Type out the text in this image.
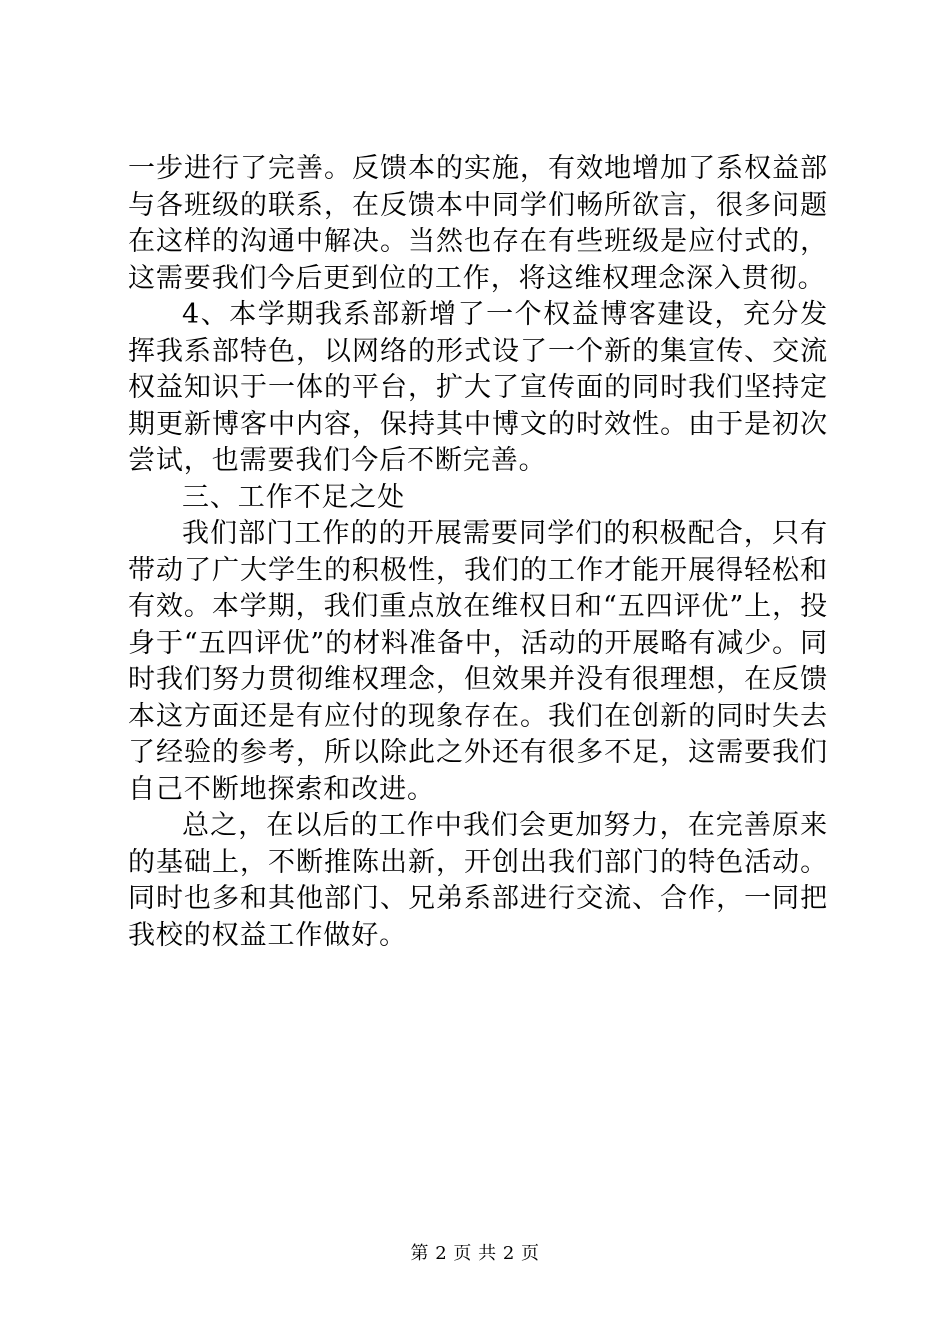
一步进行了完善。反馈本的实施，有效地增加了系权益部与各班级的联系，在反馈本中同学们畅所欲言，很多问题在这样的沟通中解决。当然也存在有些班级是应付式的，这需要我们今后更到位的工作，将这维权理念深入贯彻。

4、本学期我系部新增了一个权益博客建设，充分发挥我系部特色，以网络的形式设了一个新的集宣传、交流权益知识于一体的平台，扩大了宣传面的同时我们坚持定期更新博客中内容，保持其中博文的时效性。由于是初次尝试，也需要我们今后不断完善。

三、工作不足之处

我们部门工作的的开展需要同学们的积极配合，只有带动了广大学生的积极性，我们的工作才能开展得轻松和有效。本学期，我们重点放在维权日和“五四评优”上，投身于“五四评优”的材料准备中，活动的开展略有减少。同时我们努力贯彻维权理念，但效果并没有很理想，在反馈本这方面还是有应付的现象存在。我们在创新的同时失去了经验的参考，所以除此之外还有很多不足，这需要我们自己不断地探索和改进。

总之，在以后的工作中我们会更加努力，在完善原来的基础上，不断推陈出新，开创出我们部门的特色活动。同时也多和其他部门、兄弟系部进行交流、合作，一同把我校的权益工作做好。

第 2 页 共 2 页
